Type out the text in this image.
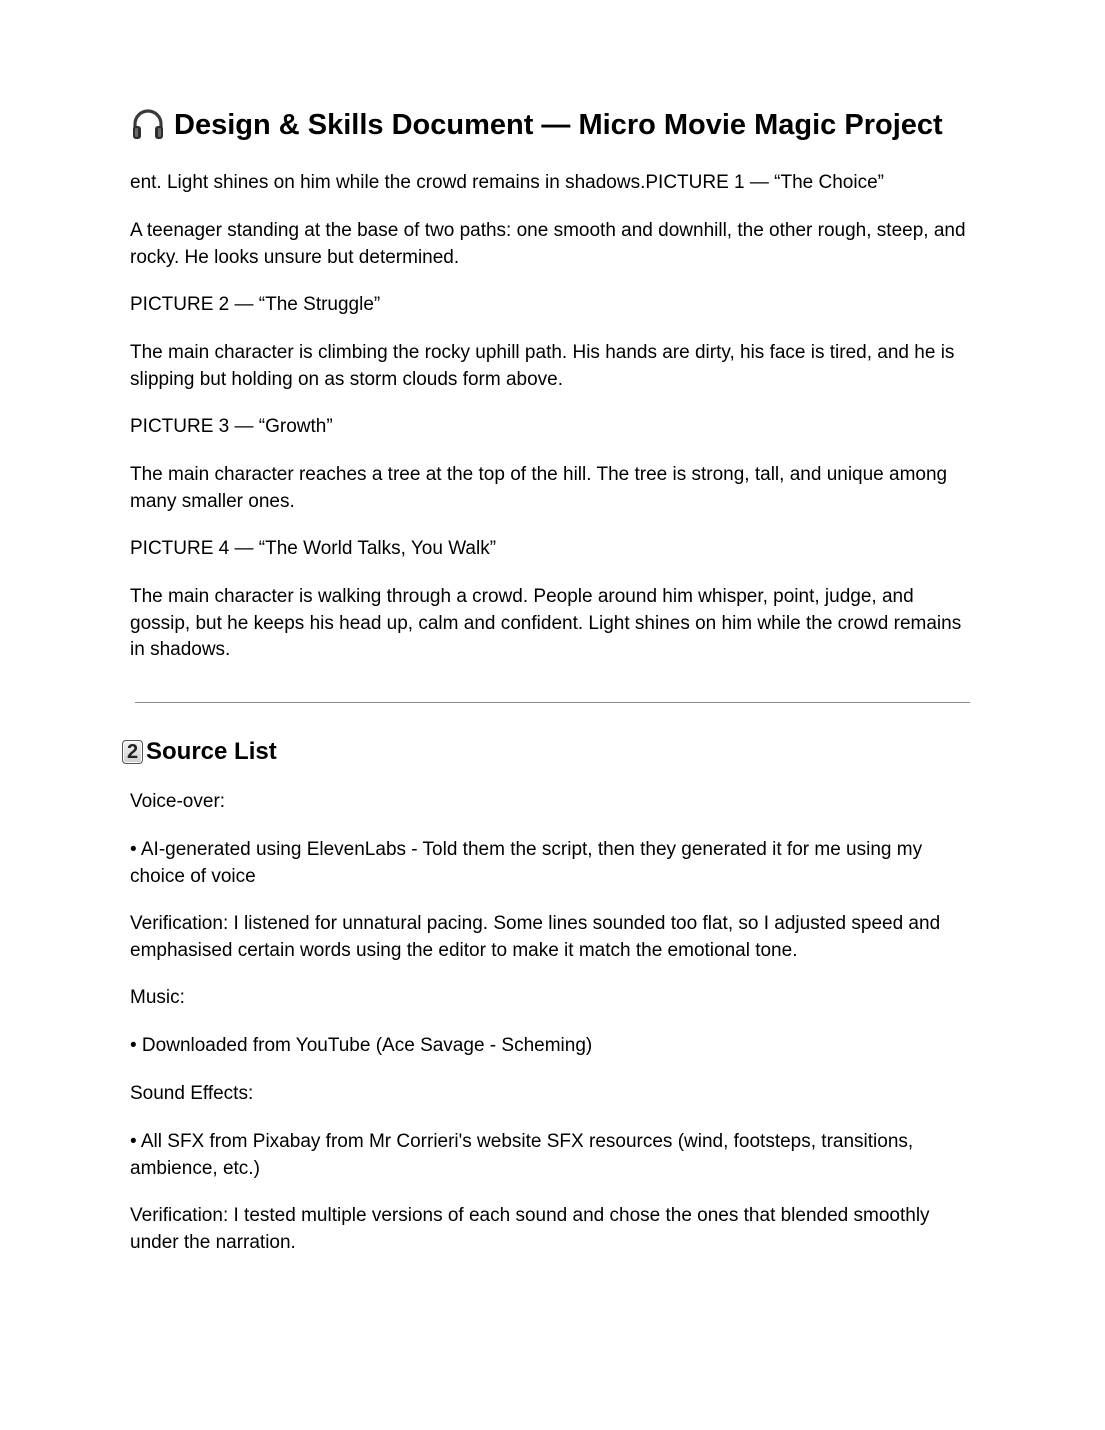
Design & Skills Document — Micro Movie Magic Project

ent. Light shines on him while the crowd remains in shadows.PICTURE 1 — “The Choice”

A teenager standing at the base of two paths: one smooth and downhill, the other rough, steep, and rocky. He looks unsure but determined.

PICTURE 2 — “The Struggle”

The main character is climbing the rocky uphill path. His hands are dirty, his face is tired, and he is slipping but holding on as storm clouds form above.

PICTURE 3 — “Growth”

The main character reaches a tree at the top of the hill. The tree is strong, tall, and unique among many smaller ones.

PICTURE 4 — “The World Talks, You Walk”

The main character is walking through a crowd. People around him whisper, point, judge, and gossip, but he keeps his head up, calm and confident. Light shines on him while the crowd remains in shadows.

2 Source List

Voice-over:

• AI-generated using ElevenLabs - Told them the script, then they generated it for me using my choice of voice

Verification: I listened for unnatural pacing. Some lines sounded too flat, so I adjusted speed and emphasised certain words using the editor to make it match the emotional tone.

Music:

• Downloaded from YouTube (Ace Savage - Scheming)

Sound Effects:

• All SFX from Pixabay from Mr Corrieri's website SFX resources (wind, footsteps, transitions, ambience, etc.)

Verification: I tested multiple versions of each sound and chose the ones that blended smoothly under the narration.
